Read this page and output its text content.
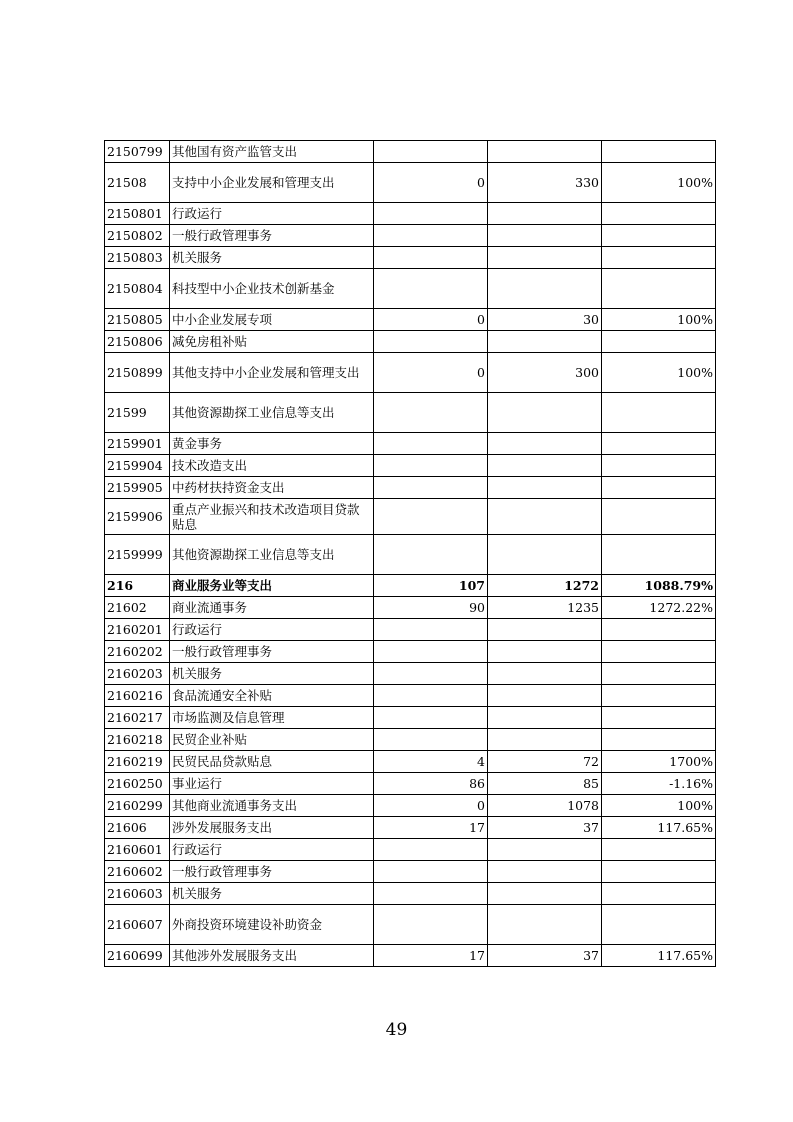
2150799	其他国有资产监管支出			
21508	支持中小企业发展和管理支出	0	330	100%
2150801	行政运行			
2150802	一般行政管理事务			
2150803	机关服务			
2150804	科技型中小企业技术创新基金			
2150805	中小企业发展专项	0	30	100%
2150806	减免房租补贴			
2150899	其他支持中小企业发展和管理支出	0	300	100%
21599	其他资源勘探工业信息等支出			
2159901	黄金事务			
2159904	技术改造支出			
2159905	中药材扶持资金支出			
2159906	重点产业振兴和技术改造项目贷款贴息			
2159999	其他资源勘探工业信息等支出			
216	商业服务业等支出	107	1272	1088.79%
21602	商业流通事务	90	1235	1272.22%
2160201	行政运行			
2160202	一般行政管理事务			
2160203	机关服务			
2160216	食品流通安全补贴			
2160217	市场监测及信息管理			
2160218	民贸企业补贴			
2160219	民贸民品贷款贴息	4	72	1700%
2160250	事业运行	86	85	-1.16%
2160299	其他商业流通事务支出	0	1078	100%
21606	涉外发展服务支出	17	37	117.65%
2160601	行政运行			
2160602	一般行政管理事务			
2160603	机关服务			
2160607	外商投资环境建设补助资金			
2160699	其他涉外发展服务支出	17	37	117.65%
49
